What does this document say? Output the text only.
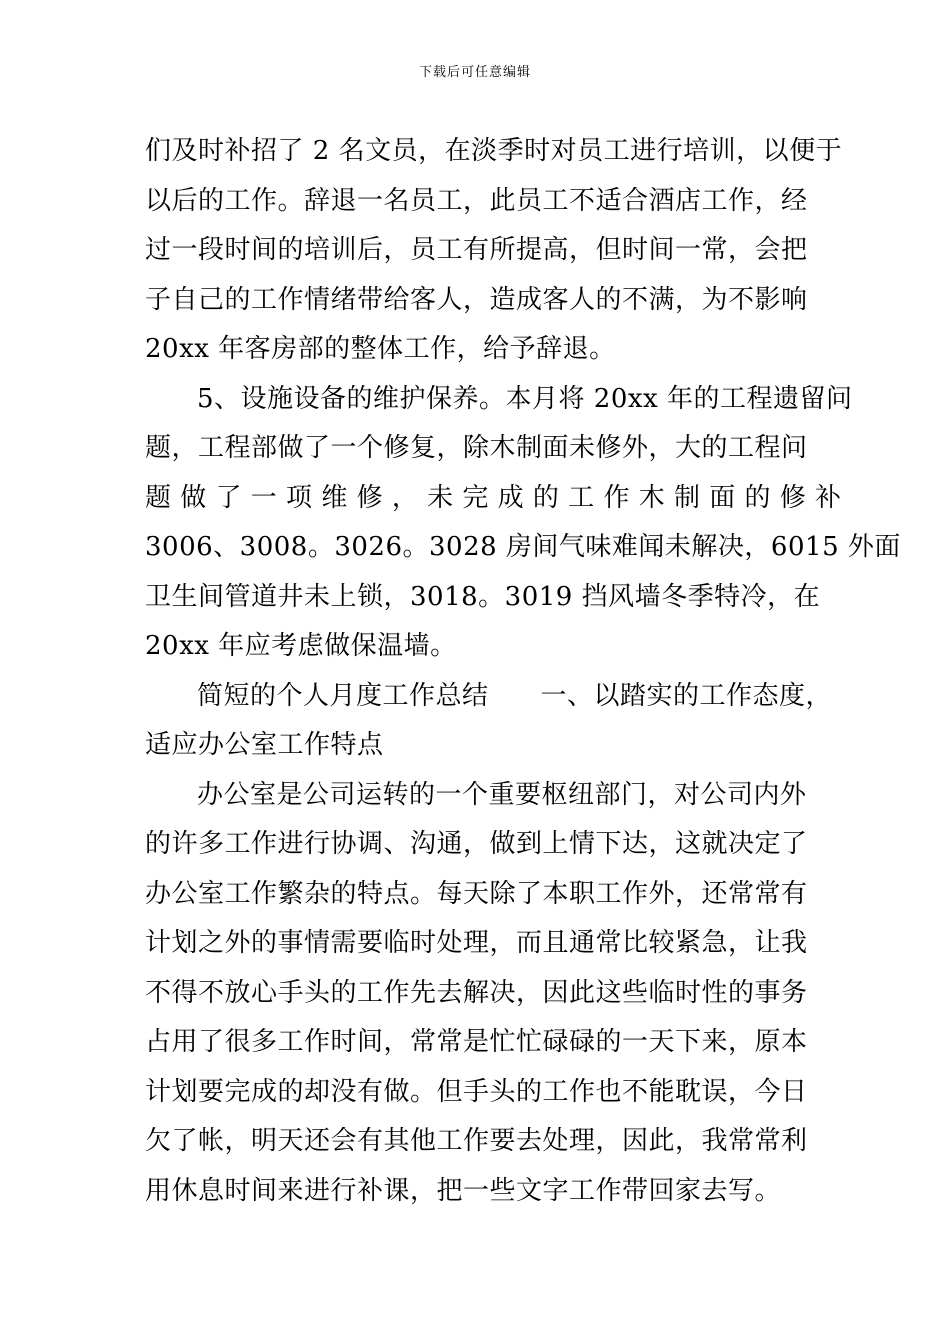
下载后可任意编辑
们及时补招了 2 名文员，在淡季时对员工进行培训，以便于
以后的工作。辞退一名员工，此员工不适合酒店工作，经
过一段时间的培训后，员工有所提高，但时间一常，会把
子自己的工作情绪带给客人，造成客人的不满，为不影响
20xx 年客房部的整体工作，给予辞退。
5、设施设备的维护保养。本月将 20xx 年的工程遗留问
题，工程部做了一个修复，除木制面未修外，大的工程问
题 做 了 一 项 维 修 ， 未 完 成 的 工 作 木 制 面 的 修 补
3006、3008。3026。3028 房间气味难闻未解决，6015 外面
卫生间管道井未上锁，3018。3019 挡风墙冬季特冷，在
20xx 年应考虑做保温墙。
简短的个人月度工作总结 一、以踏实的工作态度，
适应办公室工作特点
办公室是公司运转的一个重要枢纽部门，对公司内外
的许多工作进行协调、沟通，做到上情下达，这就决定了
办公室工作繁杂的特点。每天除了本职工作外，还常常有
计划之外的事情需要临时处理，而且通常比较紧急，让我
不得不放心手头的工作先去解决，因此这些临时性的事务
占用了很多工作时间，常常是忙忙碌碌的一天下来，原本
计划要完成的却没有做。但手头的工作也不能耽误，今日
欠了帐，明天还会有其他工作要去处理，因此，我常常利
用休息时间来进行补课，把一些文字工作带回家去写。
